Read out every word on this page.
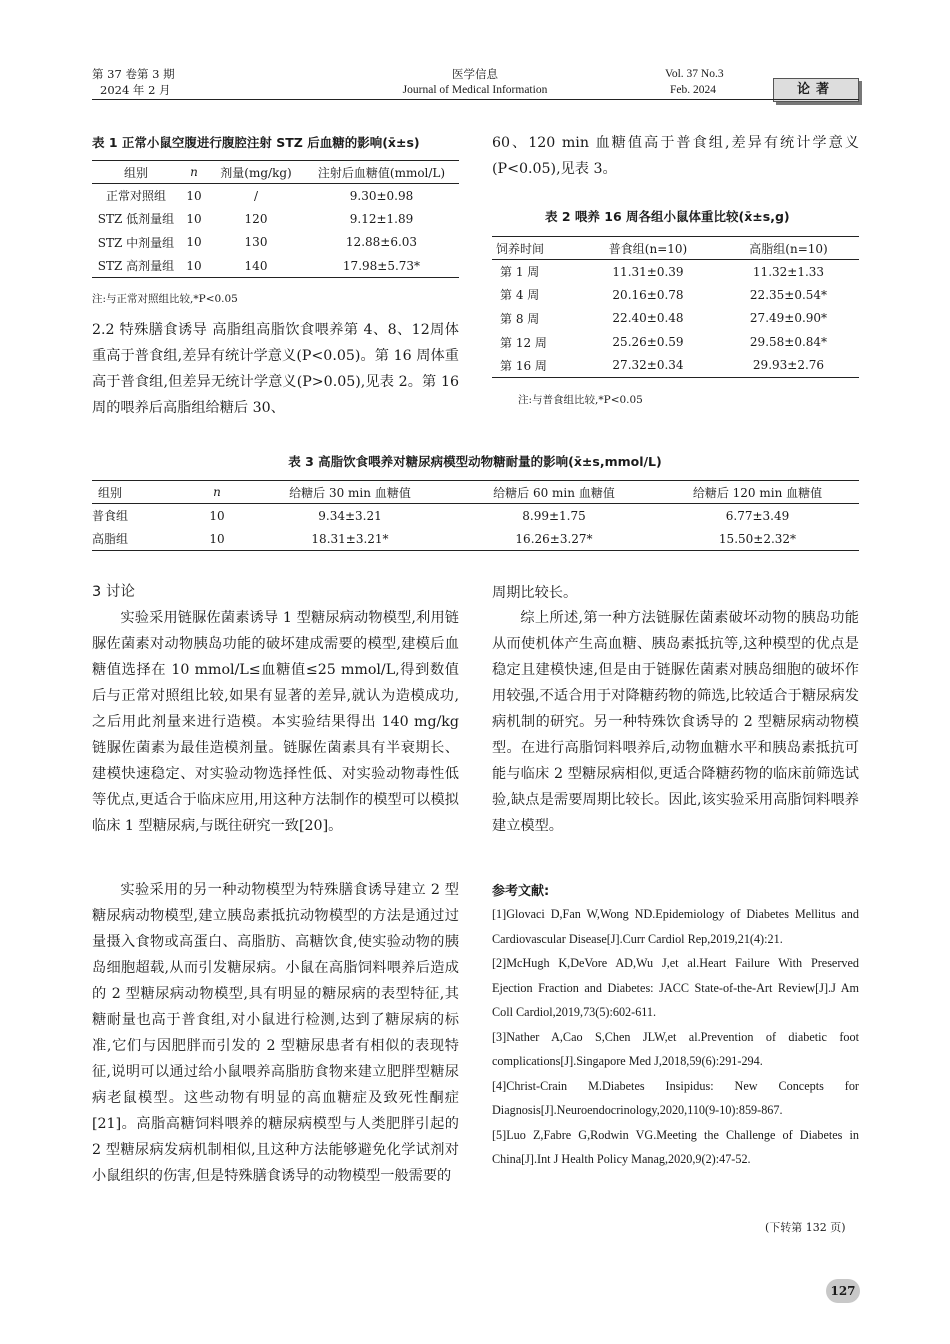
第 37 卷第 3 期
2024 年 2 月
医学信息
Journal of Medical Information
Vol. 37 No.3
Feb. 2024	论著
表 1 正常小鼠空腹进行腹腔注射 STZ 后血糖的影响(x̄±s)
组别	n	剂量(mg/kg)	注射后血糖值(mmol/L)
正常对照组	10	/	9.30±0.98
STZ 低剂量组	10	120	9.12±1.89
STZ 中剂量组	10	130	12.88±6.03
STZ 高剂量组	10	140	17.98±5.73*
注:与正常对照组比较,*P<0.05
2.2 特殊膳食诱导 高脂组高脂饮食喂养第 4、8、12周体重高于普食组,差异有统计学意义(P<0.05)。第 16 周体重高于普食组,但差异无统计学意义(P>0.05),见表 2。第 16 周的喂养后高脂组给糖后 30、
60、120 min 血糖值高于普食组,差异有统计学意义(P<0.05),见表 3。
表 2 喂养 16 周各组小鼠体重比较(x̄±s,g)
饲养时间	普食组(n=10)	高脂组(n=10)
第 1 周	11.31±0.39	11.32±1.33
第 4 周	20.16±0.78	22.35±0.54*
第 8 周	22.40±0.48	27.49±0.90*
第 12 周	25.26±0.59	29.58±0.84*
第 16 周	27.32±0.34	29.93±2.76
注:与普食组比较,*P<0.05
表 3 高脂饮食喂养对糖尿病模型动物糖耐量的影响(x̄±s,mmol/L)
组别	n	给糖后 30 min 血糖值	给糖后 60 min 血糖值	给糖后 120 min 血糖值
普食组	10	9.34±3.21	8.99±1.75	6.77±3.49
高脂组	10	18.31±3.21*	16.26±3.27*	15.50±2.32*
3 讨论
实验采用链脲佐菌素诱导 1 型糖尿病动物模型,利用链脲佐菌素对动物胰岛功能的破坏建成需要的模型,建模后血糖值选择在 10 mmol/L≤血糖值≤25 mmol/L,得到数值后与正常对照组比较,如果有显著的差异,就认为造模成功,之后用此剂量来进行造模。本实验结果得出 140 mg/kg 链脲佐菌素为最佳造模剂量。链脲佐菌素具有半衰期长、建模快速稳定、对实验动物选择性低、对实验动物毒性低等优点,更适合于临床应用,用这种方法制作的模型可以模拟临床 1 型糖尿病,与既往研究一致[20]。
实验采用的另一种动物模型为特殊膳食诱导建立 2 型糖尿病动物模型,建立胰岛素抵抗动物模型的方法是通过过量摄入食物或高蛋白、高脂肪、高糖饮食,使实验动物的胰岛细胞超载,从而引发糖尿病。小鼠在高脂饲料喂养后造成的 2 型糖尿病动物模型,具有明显的糖尿病的表型特征,其糖耐量也高于普食组,对小鼠进行检测,达到了糖尿病的标准,它们与因肥胖而引发的 2 型糖尿患者有相似的表现特征,说明可以通过给小鼠喂养高脂肪食物来建立肥胖型糖尿病老鼠模型。这些动物有明显的高血糖症及致死性酮症[21]。高脂高糖饲料喂养的糖尿病模型与人类肥胖引起的 2 型糖尿病发病机制相似,且这种方法能够避免化学试剂对小鼠组织的伤害,但是特殊膳食诱导的动物模型一般需要的
周期比较长。
综上所述,第一种方法链脲佐菌素破坏动物的胰岛功能从而使机体产生高血糖、胰岛素抵抗等,这种模型的优点是稳定且建模快速,但是由于链脲佐菌素对胰岛细胞的破坏作用较强,不适合用于对降糖药物的筛选,比较适合于糖尿病发病机制的研究。另一种特殊饮食诱导的 2 型糖尿病动物模型。在进行高脂饲料喂养后,动物血糖水平和胰岛素抵抗可能与临床 2 型糖尿病相似,更适合降糖药物的临床前筛选试验,缺点是需要周期比较长。因此,该实验采用高脂饲料喂养建立模型。
参考文献:

[1]Glovaci D,Fan W,Wong ND.Epidemiology of Diabetes Mellitus and Cardiovascular Disease[J].Curr Cardiol Rep,2019,21(4):21.

[2]McHugh K,DeVore AD,Wu J,et al.Heart Failure With Preserved Ejection Fraction and Diabetes: JACC State-of-the-Art Review[J].J Am Coll Cardiol,2019,73(5):602-611.

[3]Nather A,Cao S,Chen JLW,et al.Prevention of diabetic foot complications[J].Singapore Med J,2018,59(6):291-294.

[4]Christ-Crain M.Diabetes Insipidus: New Concepts for Diagnosis[J].Neuroendocrinology,2020,110(9-10):859-867.

[5]Luo Z,Fabre G,Rodwin VG.Meeting the Challenge of Diabetes in China[J].Int J Health Policy Manag,2020,9(2):47-52.

(下转第 132 页)
127
